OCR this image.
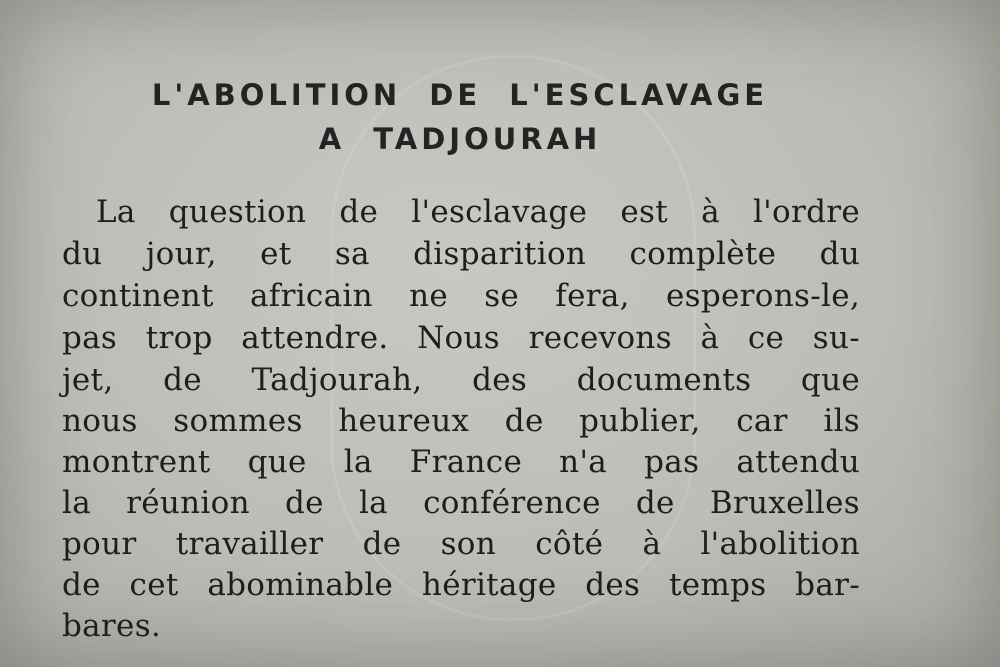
L'ABOLITION DE L'ESCLAVAGE
A TADJOURAH
La question de l'esclavage est à l'ordre
du jour, et sa disparition complète du
continent africain ne se fera, esperons-le,
pas trop attendre. Nous recevons à ce su-
jet, de Tadjourah, des documents que
nous sommes heureux de publier, car ils
montrent que la France n'a pas attendu
la réunion de la conférence de Bruxelles
pour travailler de son côté à l'abolition
de cet abominable héritage des temps bar-
bares.
